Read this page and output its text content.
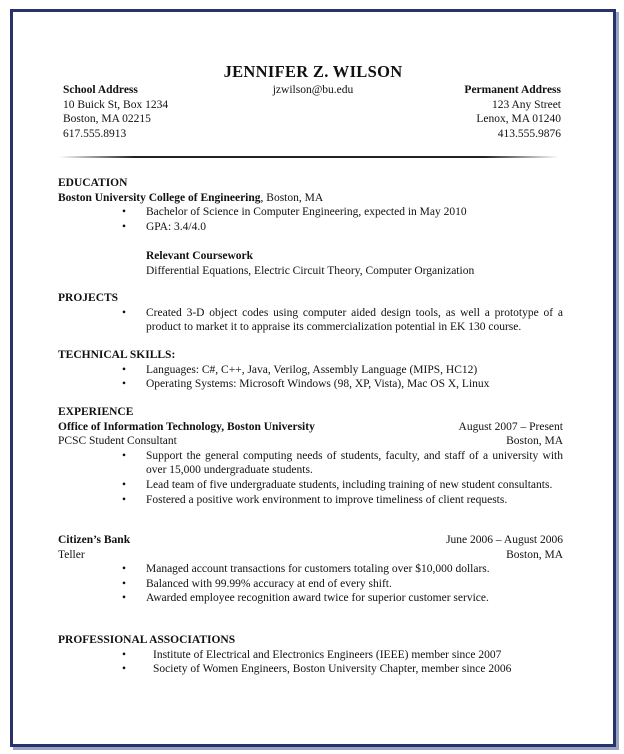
JENNIFER Z. WILSON
jzwilson@bu.edu
School Address
10 Buick St, Box 1234
Boston, MA 02215
617.555.8913
Permanent Address
123 Any Street
Lenox, MA 01240
413.555.9876
EDUCATION
Boston University College of Engineering, Boston, MA
• Bachelor of Science in Computer Engineering, expected in May 2010
• GPA: 3.4/4.0
Relevant Coursework
Differential Equations, Electric Circuit Theory, Computer Organization
PROJECTS
• Created 3-D object codes using computer aided design tools, as well a prototype of a product to market it to appraise its commercialization potential in EK 130 course.
TECHNICAL SKILLS:
• Languages: C#, C++, Java, Verilog, Assembly Language (MIPS, HC12)
• Operating Systems: Microsoft Windows (98, XP, Vista), Mac OS X, Linux
EXPERIENCE
Office of Information Technology, Boston University	August 2007 – Present
PCSC Student Consultant	Boston, MA
• Support the general computing needs of students, faculty, and staff of a university with over 15,000 undergraduate students.
• Lead team of five undergraduate students, including training of new student consultants.
• Fostered a positive work environment to improve timeliness of client requests.
Citizen’s Bank	June 2006 – August 2006
Teller	Boston, MA
• Managed account transactions for customers totaling over $10,000 dollars.
• Balanced with 99.99% accuracy at end of every shift.
• Awarded employee recognition award twice for superior customer service.
PROFESSIONAL ASSOCIATIONS
• Institute of Electrical and Electronics Engineers (IEEE) member since 2007
• Society of Women Engineers, Boston University Chapter, member since 2006
